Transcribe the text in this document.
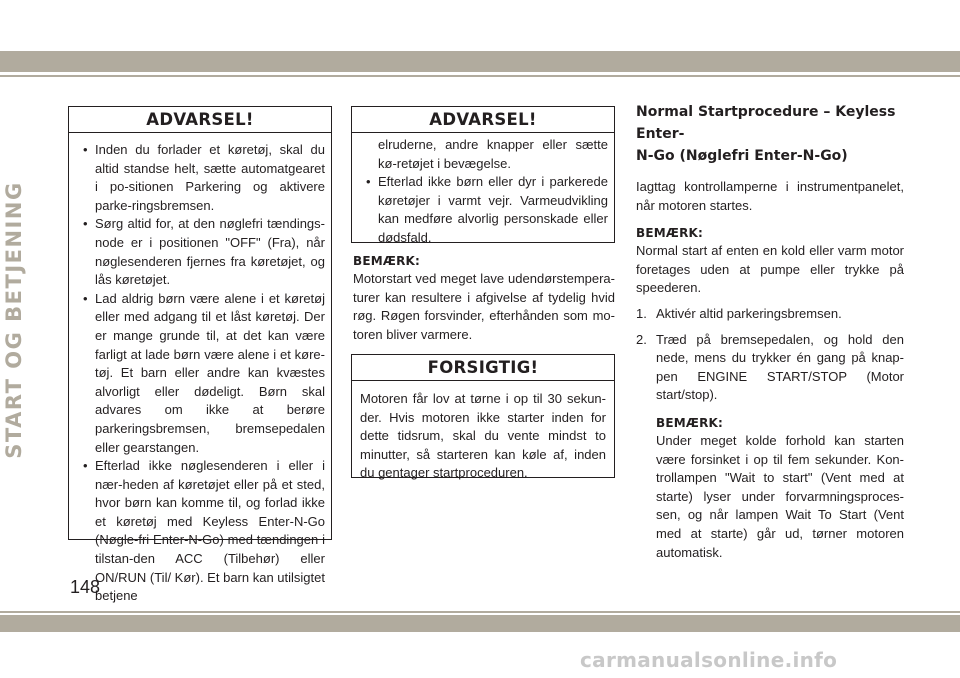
START OG BETJENING
ADVARSEL!
• Inden du forlader et køretøj, skal du altid standse helt, sætte automatgearet i po-sitionen Parkering og aktivere parke-ringsbremsen.
• Sørg altid for, at den nøglefri tændings-node er i positionen "OFF" (Fra), når nøglesenderen fjernes fra køretøjet, og lås køretøjet.
• Lad aldrig børn være alene i et køretøj eller med adgang til et låst køretøj. Der er mange grunde til, at det kan være farligt at lade børn være alene i et køre-tøj. Et barn eller andre kan kvæstes alvorligt eller dødeligt. Børn skal advares om ikke at berøre parkeringsbremsen, bremsepedalen eller gearstangen.
• Efterlad ikke nøglesenderen i eller i nær-heden af køretøjet eller på et sted, hvor børn kan komme til, og forlad ikke et køretøj med Keyless Enter-N-Go (Nøgle-fri Enter-N-Go) med tændingen i tilstan-den ACC (Tilbehør) eller ON/RUN (Til/ Kør). Et barn kan utilsigtet betjene
ADVARSEL!
elruderne, andre knapper eller sætte kø-retøjet i bevægelse.
• Efterlad ikke børn eller dyr i parkerede køretøjer i varmt vejr. Varmeudvikling kan medføre alvorlig personskade eller dødsfald.
BEMÆRK:

Motorstart ved meget lave udendørstempera-turer kan resultere i afgivelse af tydelig hvid røg. Røgen forsvinder, efterhånden som mo-toren bliver varmere.

FORSIGTIG!

Motoren får lov at tørne i op til 30 sekun-der. Hvis motoren ikke starter inden for dette tidsrum, skal du vente mindst to minutter, så starteren kan køle af, inden du gentager startproceduren.

Normal Startprocedure – Keyless Enter-
N-Go (Nøglefri Enter-N-Go)

Iagttag kontrollamperne i instrumentpanelet, når motoren startes.

BEMÆRK:

Normal start af enten en kold eller varm motor foretages uden at pumpe eller trykke på speederen.

1. Aktivér altid parkeringsbremsen.
2. Træd på bremsepedalen, og hold den nede, mens du trykker én gang på knap-pen ENGINE START/STOP (Motor start/stop).
BEMÆRK:

Under meget kolde forhold kan starten være forsinket i op til fem sekunder. Kon-trollampen "Wait to start" (Vent med at starte) lyser under forvarmningsproces-sen, og når lampen Wait To Start (Vent med at starte) går ud, tørner motoren automatisk.

148
carmanualsonline.info
